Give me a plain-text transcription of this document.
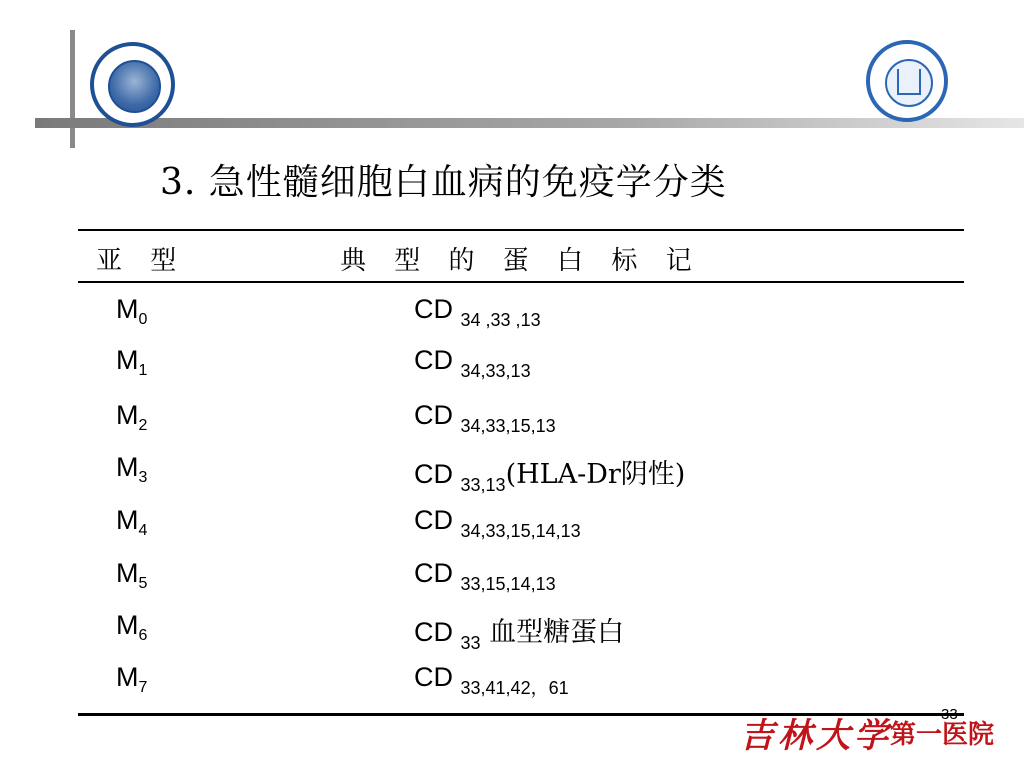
3. 急性髓细胞白血病的免疫学分类
亚 型	典 型 的 蛋 白 标 记
$M_0$	CD $_{34 ,33 ,13}$
$M_1$	CD $_{34,33,13}$
$M_2$	CD $_{34,33,15,13}$
$M_3$	CD $_{33,13}$(HLA-Dr阴性)
$M_4$	CD $_{34,33,15,14,13}$
$M_5$	CD $_{33,15,14,13}$
$M_6$	CD $_{33}$ 血型糖蛋白
$M_7$	CD $_{33,41,42,61}$
吉林大学
第一医院
33
